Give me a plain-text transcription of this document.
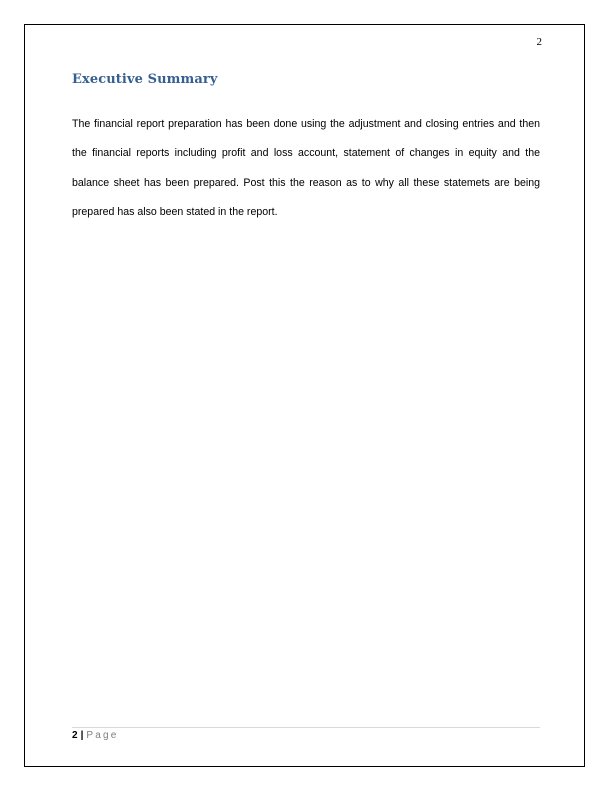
2
Executive Summary

The financial report preparation has been done using the adjustment and closing entries and then the financial reports including profit and loss account, statement of changes in equity and the balance sheet has been prepared. Post this the reason as to why all these statemets are being prepared has also been stated in the report.

2 | Page
